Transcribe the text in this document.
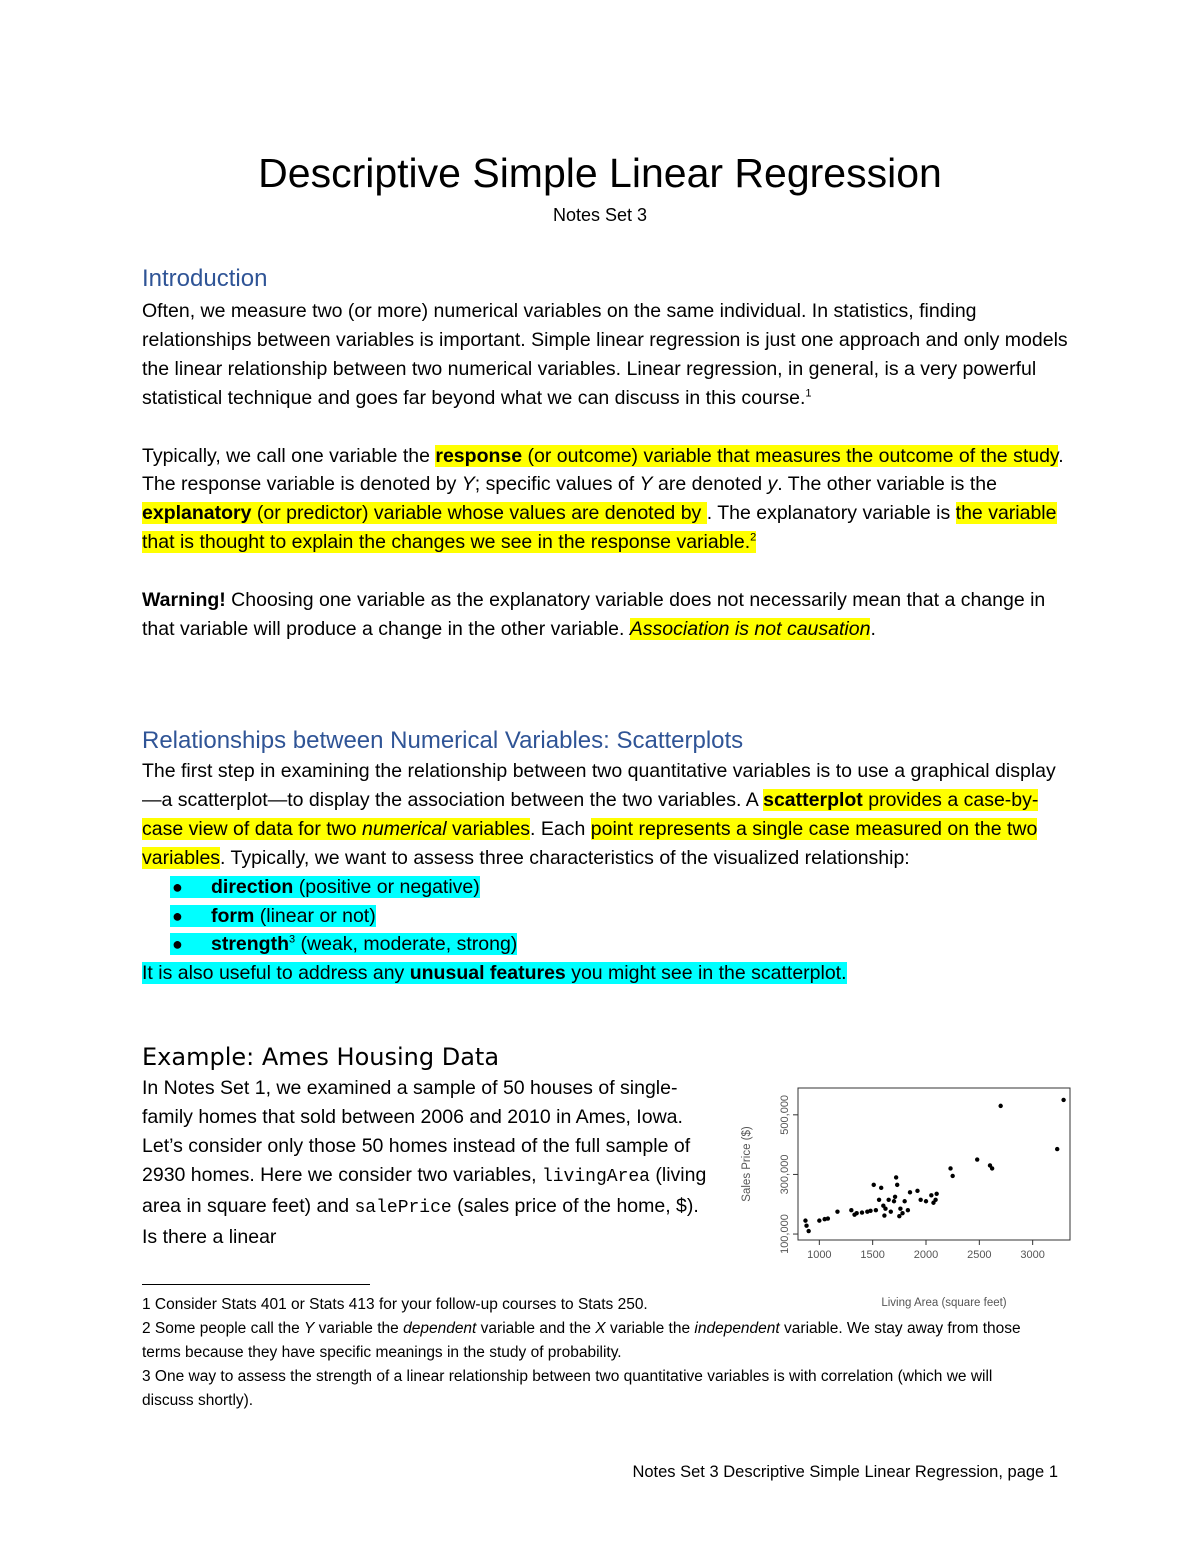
Descriptive Simple Linear Regression
Notes Set 3
Introduction

Often, we measure two (or more) numerical variables on the same individual. In statistics, finding relationships between variables is important. Simple linear regression is just one approach and only models the linear relationship between two numerical variables. Linear regression, in general, is a very powerful statistical technique and goes far beyond what we can discuss in this course.$^1$

Typically, we call one variable the response (or outcome) variable that measures the outcome of the study. The response variable is denoted by Y; specific values of Y are denoted y. The other variable is the explanatory (or predictor) variable whose values are denoted by . The explanatory variable is the variable that is thought to explain the changes we see in the response variable.$^2$

Warning! Choosing one variable as the explanatory variable does not necessarily mean that a change in that variable will produce a change in the other variable. Association is not causation.

Relationships between Numerical Variables: Scatterplots

The first step in examining the relationship between two quantitative variables is to use a graphical display—a scatterplot—to display the association between the two variables. A scatterplot provides a case-by-case view of data for two numerical variables. Each point represents a single case measured on the two variables. Typically, we want to assess three characteristics of the visualized relationship:

● direction (positive or negative)
● form (linear or not)
● strength$^3$ (weak, moderate, strong)

It is also useful to address any unusual features you might see in the scatterplot.

Example: Ames Housing Data
In Notes Set 1, we examined a sample of 50 houses of single-family homes that sold between 2006 and 2010 in Ames, Iowa. Let’s consider only those 50 homes instead of the full sample of 2930 homes. Here we consider two variables, livingArea (living area in square feet) and salePrice (sales price of the home, $). Is there a linear
1000	1500	2000	2500	3000
100,000
300,000
500,000
Living Area (square feet)
Sales Price ($)

1 Consider Stats 401 or Stats 413 for your follow-up courses to Stats 250.

2 Some people call the Y variable the dependent variable and the X variable the independent variable. We stay away from those terms because they have specific meanings in the study of probability.

3 One way to assess the strength of a linear relationship between two quantitative variables is with correlation (which we will discuss shortly).

Notes Set 3 Descriptive Simple Linear Regression, page 1
